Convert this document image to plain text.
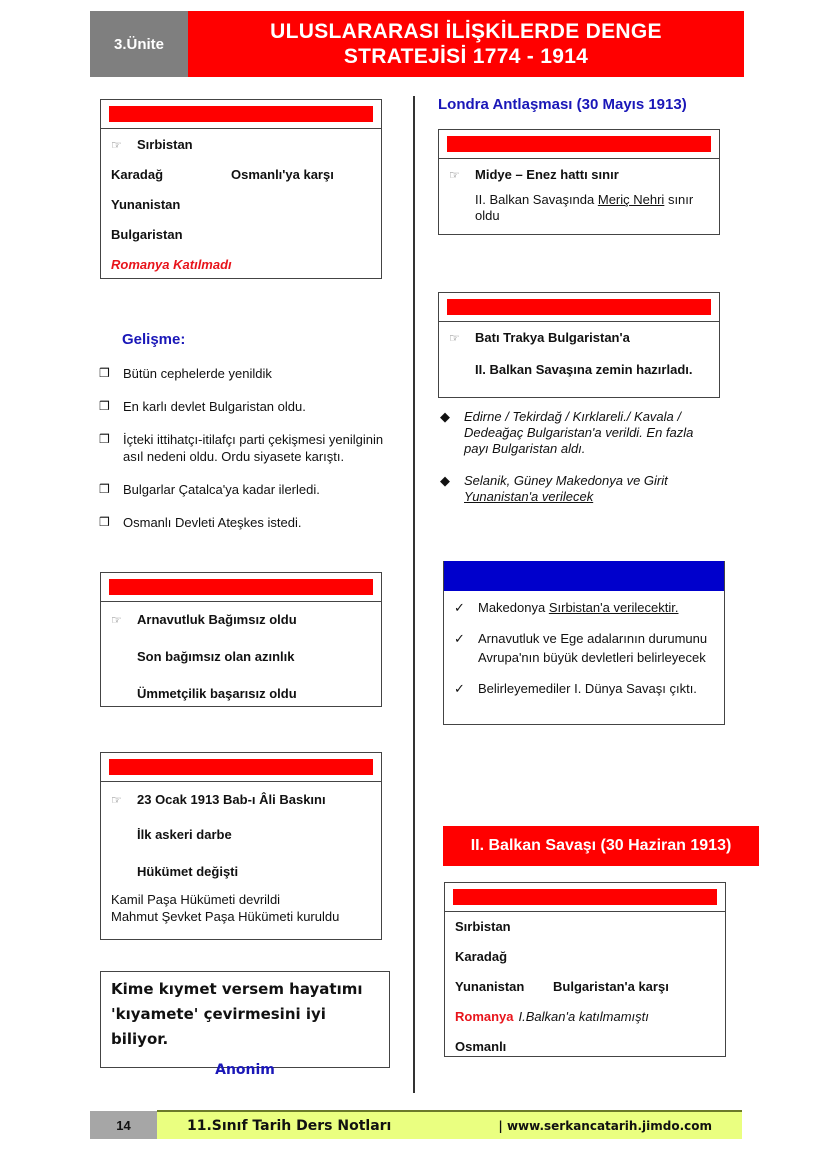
3.Ünite
ULUSLARARASI İLİŞKİLERDE DENGE
STRATEJİSİ 1774 - 1914
☞	Sırbistan
Karadağ	Osmanlı'ya karşı
Yunanistan
Bulgaristan
Romanya Katılmadı
Gelişme:
❒	Bütün cephelerde yenildik
❒	En karlı devlet Bulgaristan oldu.
❒	İçteki ittihatçı-itilafçı parti çekişmesi yenilginin asıl nedeni oldu. Ordu siyasete karıştı.
❒	Bulgarlar Çatalca'ya kadar ilerledi.
❒	Osmanlı Devleti Ateşkes istedi.
☞	Arnavutluk Bağımsız oldu
Son bağımsız olan azınlık
Ümmetçilik başarısız oldu
☞	23 Ocak 1913 Bab-ı Âli Baskını
İlk askeri darbe
Hükümet değişti
Kamil Paşa Hükümeti devrildi
Mahmut Şevket Paşa Hükümeti kuruldu
Kime kıymet versem hayatımı
'kıyamete' çevirmesini iyi biliyor.
Anonim
Londra Antlaşması (30 Mayıs 1913)
☞	Midye – Enez hattı sınır
II. Balkan Savaşında Meriç Nehri sınır oldu
☞	Batı Trakya Bulgaristan'a
II. Balkan Savaşına zemin hazırladı.
◆	Edirne / Tekirdağ / Kırklareli./ Kavala / Dedeağaç Bulgaristan'a verildi. En fazla payı Bulgaristan aldı.
◆	Selanik, Güney Makedonya ve Girit Yunanistan'a verilecek
✓	Makedonya Sırbistan'a verilecektir.
✓	Arnavutluk ve Ege adalarının durumunu Avrupa'nın büyük devletleri belirleyecek
✓	Belirleyemediler I. Dünya Savaşı çıktı.
II. Balkan Savaşı (30 Haziran 1913)
Sırbistan
Karadağ
Yunanistan	Bulgaristan'a karşı
Romanya I.Balkan'a katılmamıştı
Osmanlı
14	11.Sınıf Tarih Ders Notları	| www.serkancatarih.jimdo.com
